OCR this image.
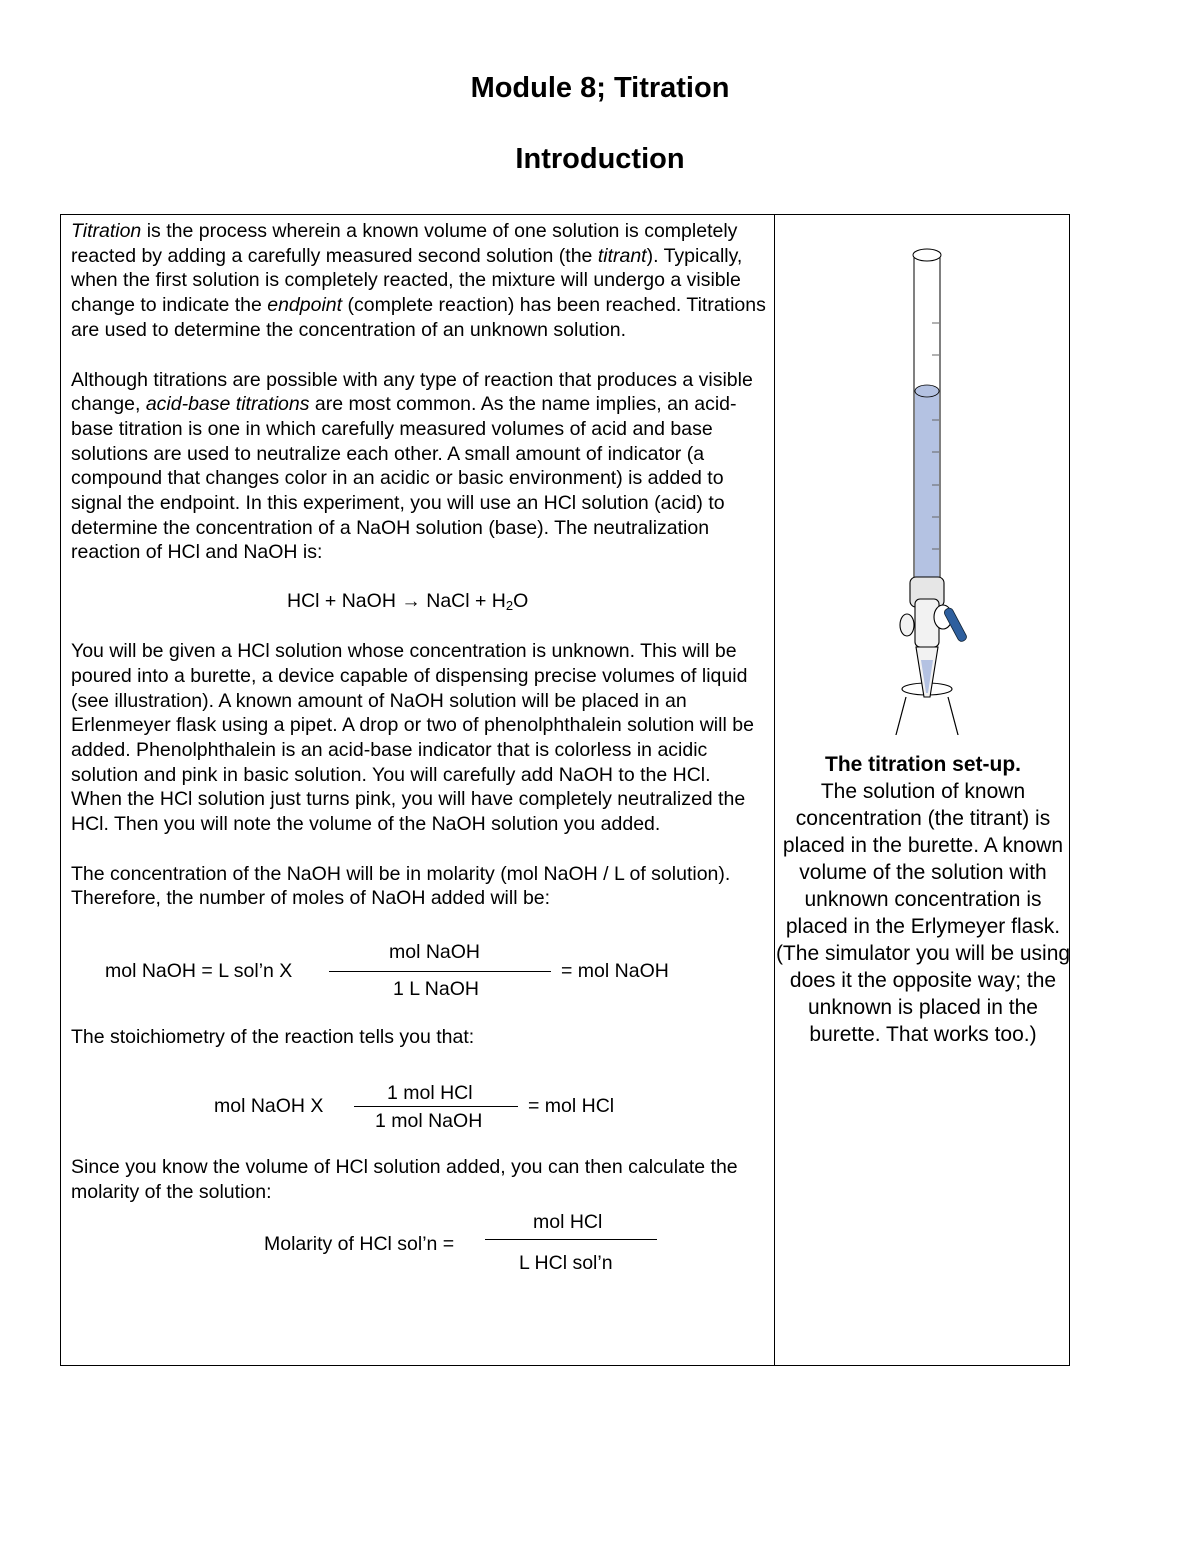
Module 8; Titration
Introduction

Titration is the process wherein a known volume of one solution is completely reacted by adding a carefully measured second solution (the titrant). Typically, when the first solution is completely reacted, the mixture will undergo a visible change to indicate the endpoint (complete reaction) has been reached. Titrations are used to determine the concentration of an unknown solution.

Although titrations are possible with any type of reaction that produces a visible change, acid-base titrations are most common. As the name implies, an acid-base titration is one in which carefully measured volumes of acid and base solutions are used to neutralize each other. A small amount of indicator (a compound that changes color in an acidic or basic environment) is added to signal the endpoint. In this experiment, you will use an HCl solution (acid) to determine the concentration of a NaOH solution (base). The neutralization reaction of HCl and NaOH is:

HCl + NaOH → NaCl + $H_2O$

You will be given a HCl solution whose concentration is unknown. This will be poured into a burette, a device capable of dispensing precise volumes of liquid (see illustration). A known amount of NaOH solution will be placed in an Erlenmeyer flask using a pipet. A drop or two of phenolphthalein solution will be added. Phenolphthalein is an acid-base indicator that is colorless in acidic solution and pink in basic solution. You will carefully add NaOH to the HCl. When the HCl solution just turns pink, you will have completely neutralized the HCl. Then you will note the volume of the NaOH solution you added.

The concentration of the NaOH will be in molarity (mol NaOH / L of solution). Therefore, the number of moles of NaOH added will be:

mol NaOH = L sol’n X
mol NaOH
1 L NaOH
= mol NaOH

The stoichiometry of the reaction tells you that:

mol NaOH X
1 mol HCl
1 mol NaOH
= mol HCl

Since you know the volume of HCl solution added, you can then calculate the molarity of the solution:

Molarity of HCl sol’n =
mol HCl
L HCl sol’n
The titration set-up.
The solution of known concentration (the titrant) is placed in the burette. A known volume of the solution with unknown concentration is placed in the Erlymeyer flask. (The simulator you will be using does it the opposite way; the unknown is placed in the burette. That works too.)
